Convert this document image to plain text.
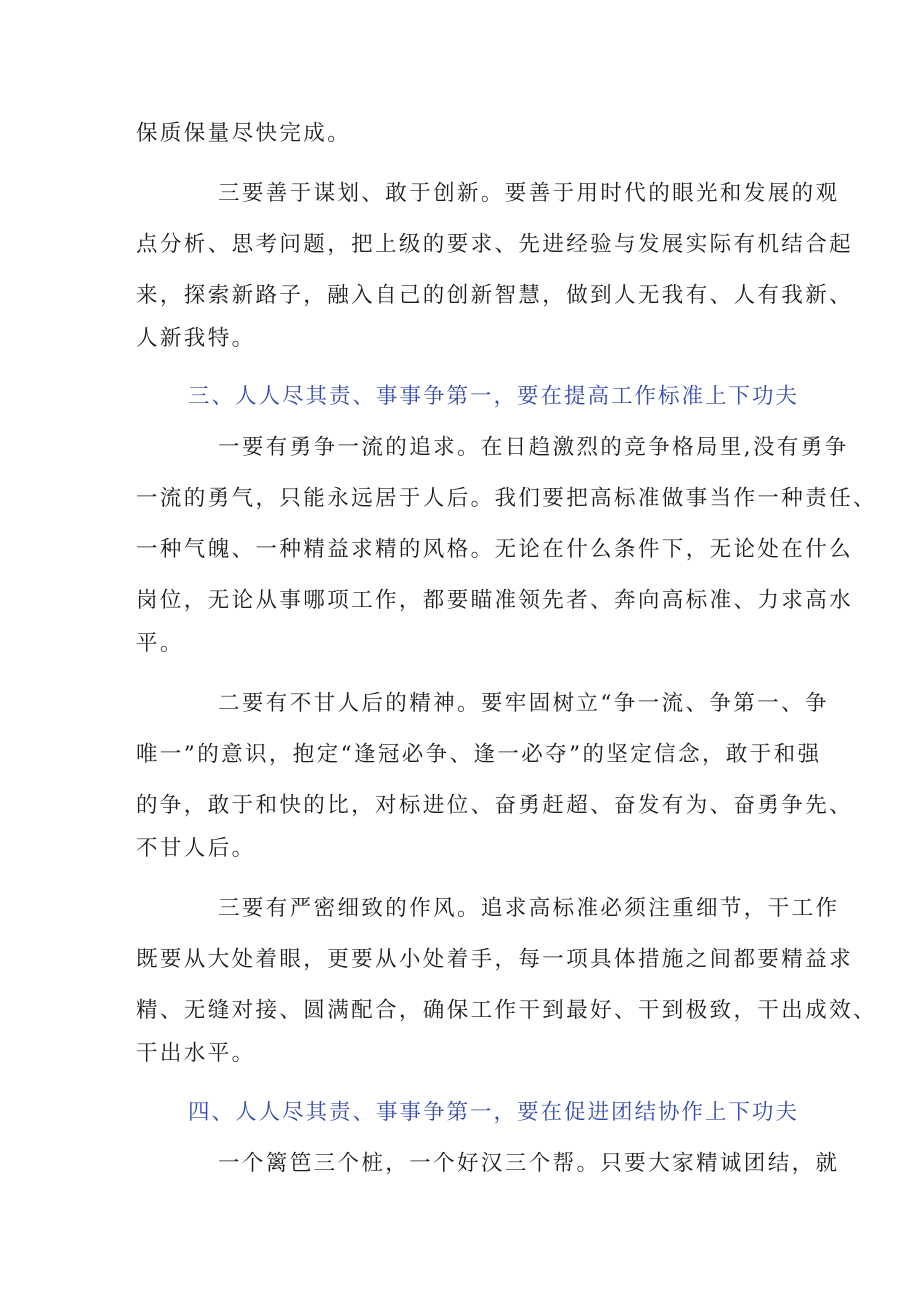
保质保量尽快完成。

三要善于谋划、敢于创新。要善于用时代的眼光和发展的观

点分析、思考问题，把上级的要求、先进经验与发展实际有机结合起

来，探索新路子，融入自己的创新智慧，做到人无我有、人有我新、

人新我特。

三、人人尽其责、事事争第一，要在提高工作标准上下功夫

一要有勇争一流的追求。在日趋激烈的竞争格局里,没有勇争

一流的勇气，只能永远居于人后。我们要把高标准做事当作一种责任、

一种气魄、一种精益求精的风格。无论在什么条件下，无论处在什么

岗位，无论从事哪项工作，都要瞄准领先者、奔向高标准、力求高水

平。

二要有不甘人后的精神。要牢固树立“争一流、争第一、争

唯一”的意识，抱定“逢冠必争、逢一必夺”的坚定信念，敢于和强

的争，敢于和快的比，对标进位、奋勇赶超、奋发有为、奋勇争先、

不甘人后。

三要有严密细致的作风。追求高标准必须注重细节，干工作

既要从大处着眼，更要从小处着手，每一项具体措施之间都要精益求

精、无缝对接、圆满配合，确保工作干到最好、干到极致，干出成效、

干出水平。

四、人人尽其责、事事争第一，要在促进团结协作上下功夫

一个篱笆三个桩，一个好汉三个帮。只要大家精诚团结，就
